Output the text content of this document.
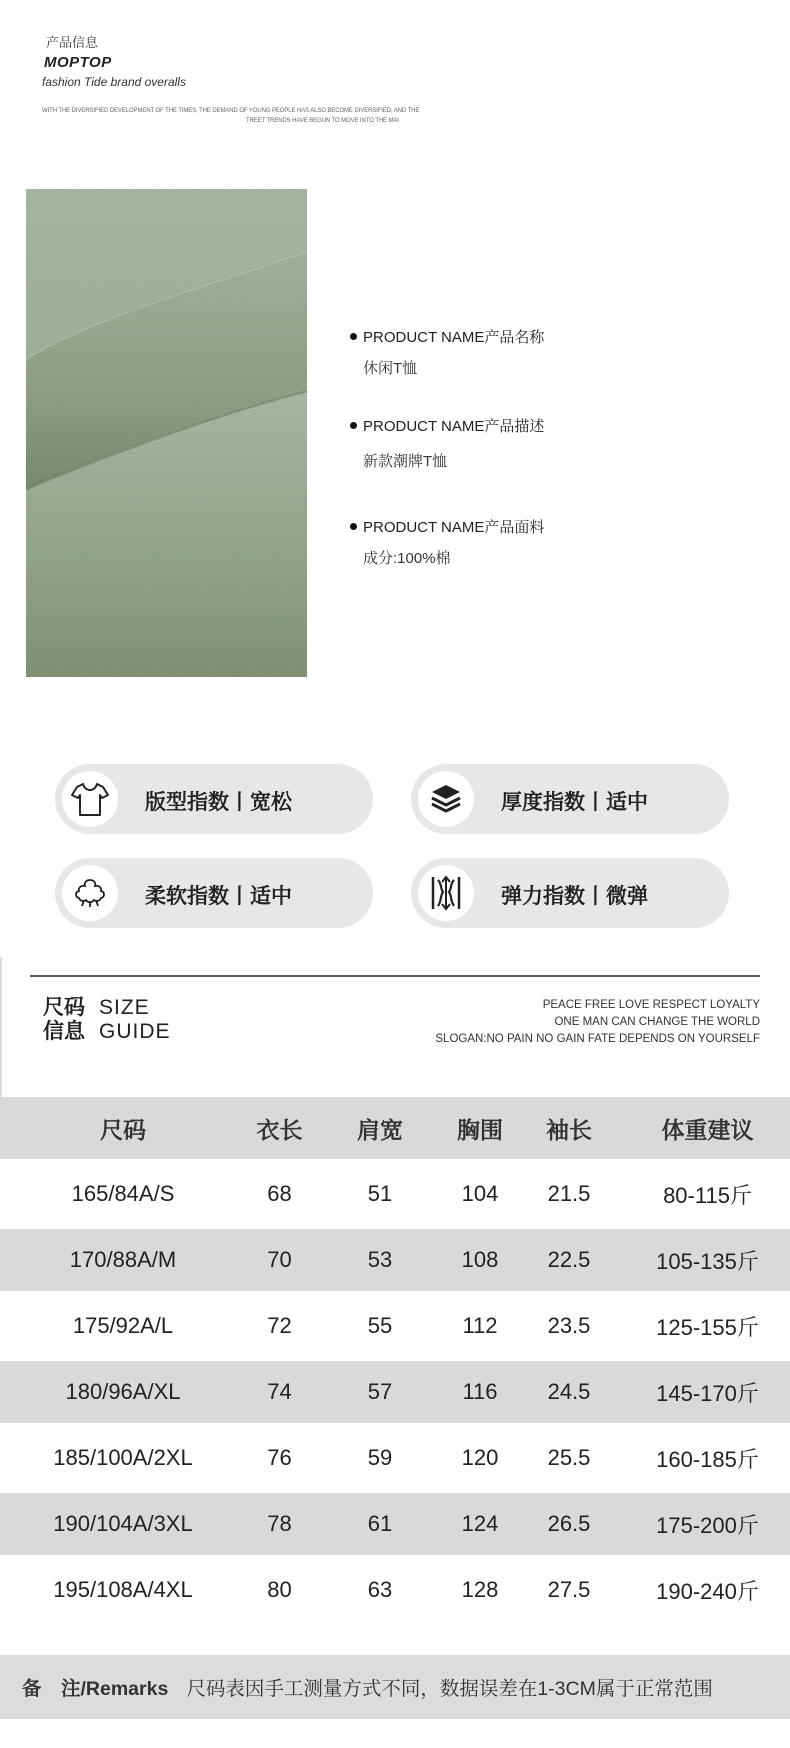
产品信息
MOPTOP
fashion Tide brand overalls
WITH THE DIVERSIFIED DEVELOPMENT OF THE TIMES, THE DEMAND OF YOUNG PEOPLE HAS ALSO BECOME DIVERSIFIED, AND THE
TREET TRENDS HAVE BEGUN TO MOVE INTO THE MAI
PRODUCT NAME产品名称
休闲T恤
PRODUCT NAME产品描述
新款潮牌T恤
PRODUCT NAME产品面料
成分:100%棉
版型指数丨宽松	厚度指数丨适中
柔软指数丨适中	弹力指数丨微弹
尺码
信息
SIZE
GUIDE
PEACE FREE LOVE RESPECT LOYALTY
ONE MAN CAN CHANGE THE WORLD
SLOGAN:NO PAIN NO GAIN FATE DEPENDS ON YOURSELF
尺码	衣长	肩宽	胸围	袖长	体重建议
165/84A/S	68	51	104	21.5	80-115斤
170/88A/M	70	53	108	22.5	105-135斤
175/92A/L	72	55	112	23.5	125-155斤
180/96A/XL	74	57	116	24.5	145-170斤
185/100A/2XL	76	59	120	25.5	160-185斤
190/104A/3XL	78	61	124	26.5	175-200斤
195/108A/4XL	80	63	128	27.5	190-240斤
备　注/Remarks 尺码表因手工测量方式不同，数据误差在1-3CM属于正常范围
